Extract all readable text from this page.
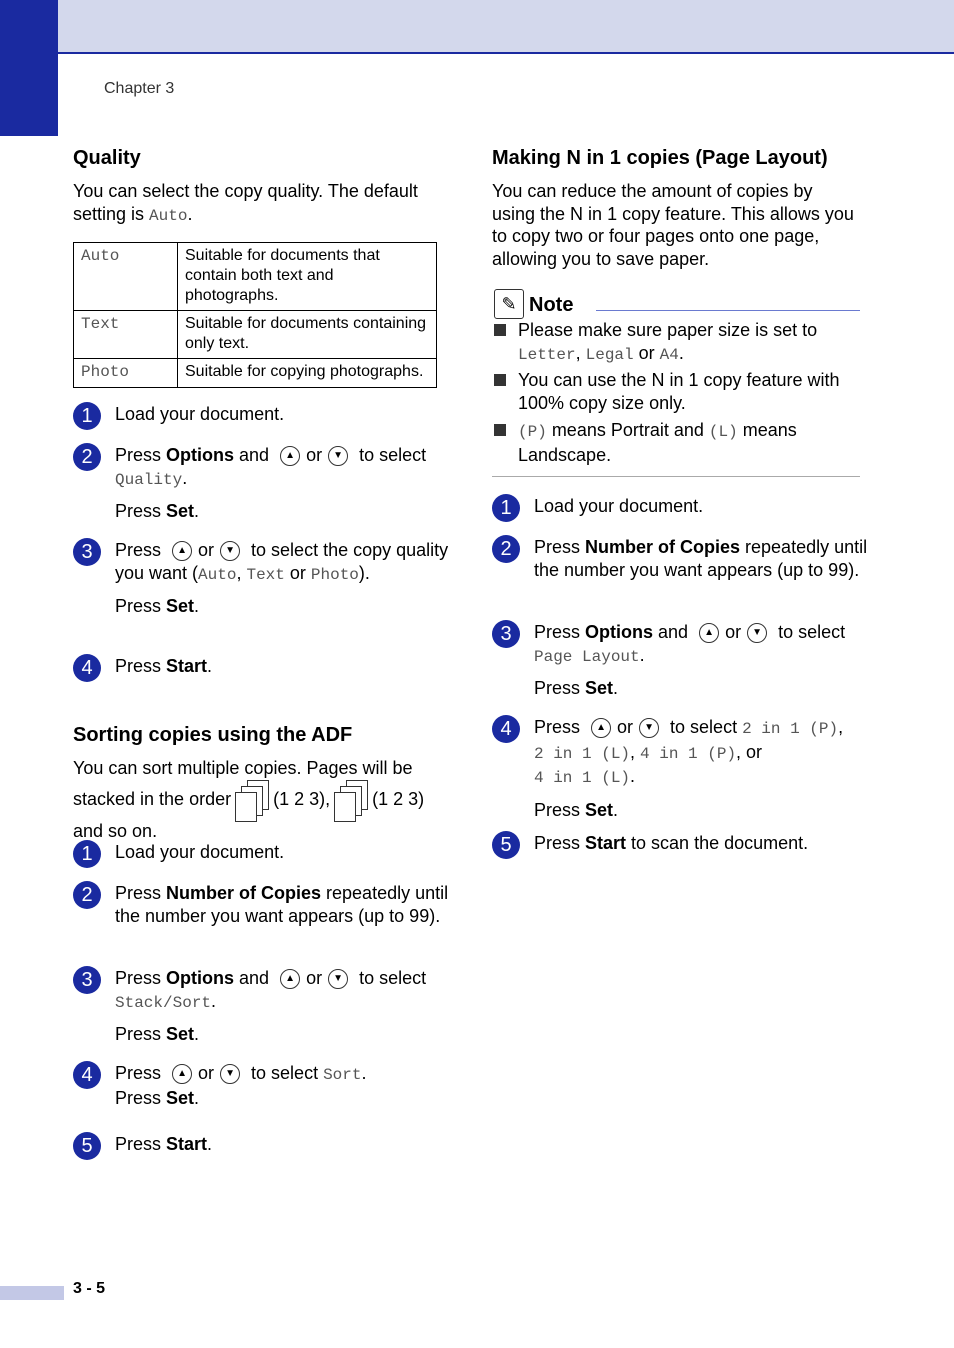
Chapter 3
Quality
You can select the copy quality. The default setting is Auto.
Auto	Suitable for documents that contain both text and photographs.
Text	Suitable for documents containing only text.
Photo	Suitable for copying photographs.
1	Load your document.
2	Press Options and ▲ or ▼ to select
Quality.
Press Set.
3	Press ▲ or ▼ to select the copy quality you want (Auto, Text or Photo).
Press Set.
4	Press Start.
Sorting copies using the ADF
You can sort multiple copies. Pages will be stacked in the order (1 2 3), (1 2 3)
and so on.
1	Load your document.
2	Press Number of Copies repeatedly until the number you want appears (up to 99).
3	Press Options and ▲ or ▼ to select
Stack/Sort.
Press Set.
4	Press ▲ or ▼ to select Sort.
Press Set.
5	Press Start.
Making N in 1 copies (Page Layout)
You can reduce the amount of copies by using the N in 1 copy feature. This allows you to copy two or four pages onto one page, allowing you to save paper.
✎ Note
Please make sure paper size is set to Letter, Legal or A4.
You can use the N in 1 copy feature with 100% copy size only.
(P) means Portrait and (L) means Landscape.
1	Load your document.
2	Press Number of Copies repeatedly until the number you want appears (up to 99).
3	Press Options and ▲ or ▼ to select
Page Layout.
Press Set.
4	Press ▲ or ▼ to select 2 in 1 (P),
2 in 1 (L), 4 in 1 (P), or
4 in 1 (L).
Press Set.
5	Press Start to scan the document.
3 - 5
